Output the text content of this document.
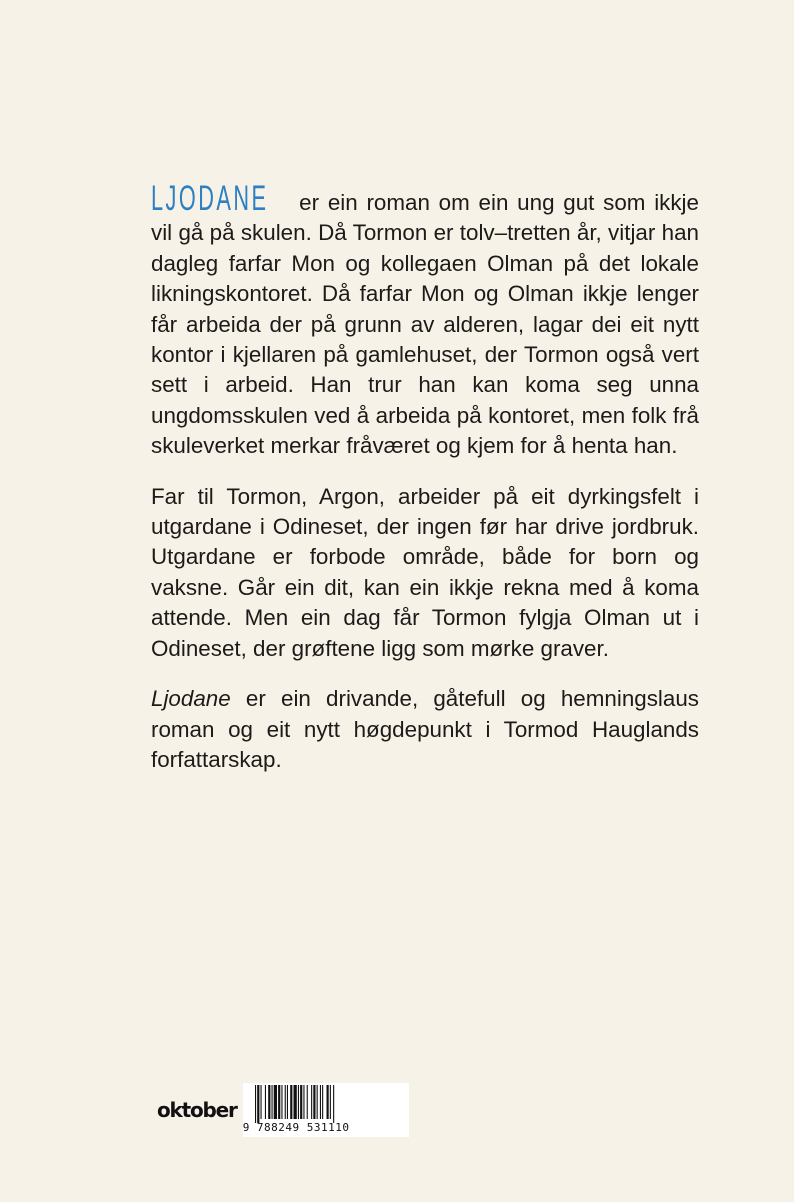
LJODANE er ein roman om ein ung gut som ikkje vil gå på skulen. Då Tormon er tolv–tretten år, vitjar han dagleg farfar Mon og kollegaen Olman på det lokale likningskontoret. Då farfar Mon og Olman ikkje lenger får arbeida der på grunn av alderen, lagar dei eit nytt kontor i kjellaren på gamlehuset, der Tormon også vert sett i arbeid. Han trur han kan koma seg unna ungdomsskulen ved å arbeida på kontoret, men folk frå skuleverket merkar fråværet og kjem for å henta han.

Far til Tormon, Argon, arbeider på eit dyrkingsfelt i utgardane i Odineset, der ingen før har drive jordbruk. Utgardane er forbode område, både for born og vaksne. Går ein dit, kan ein ikkje rekna med å koma attende. Men ein dag får Tormon fylgja Olman ut i Odineset, der grøftene ligg som mørke graver.

Ljodane er ein drivande, gåtefull og hemningslaus roman og eit nytt høgdepunkt i Tormod Hauglands forfattarskap.

oktober
9 788249 531110
